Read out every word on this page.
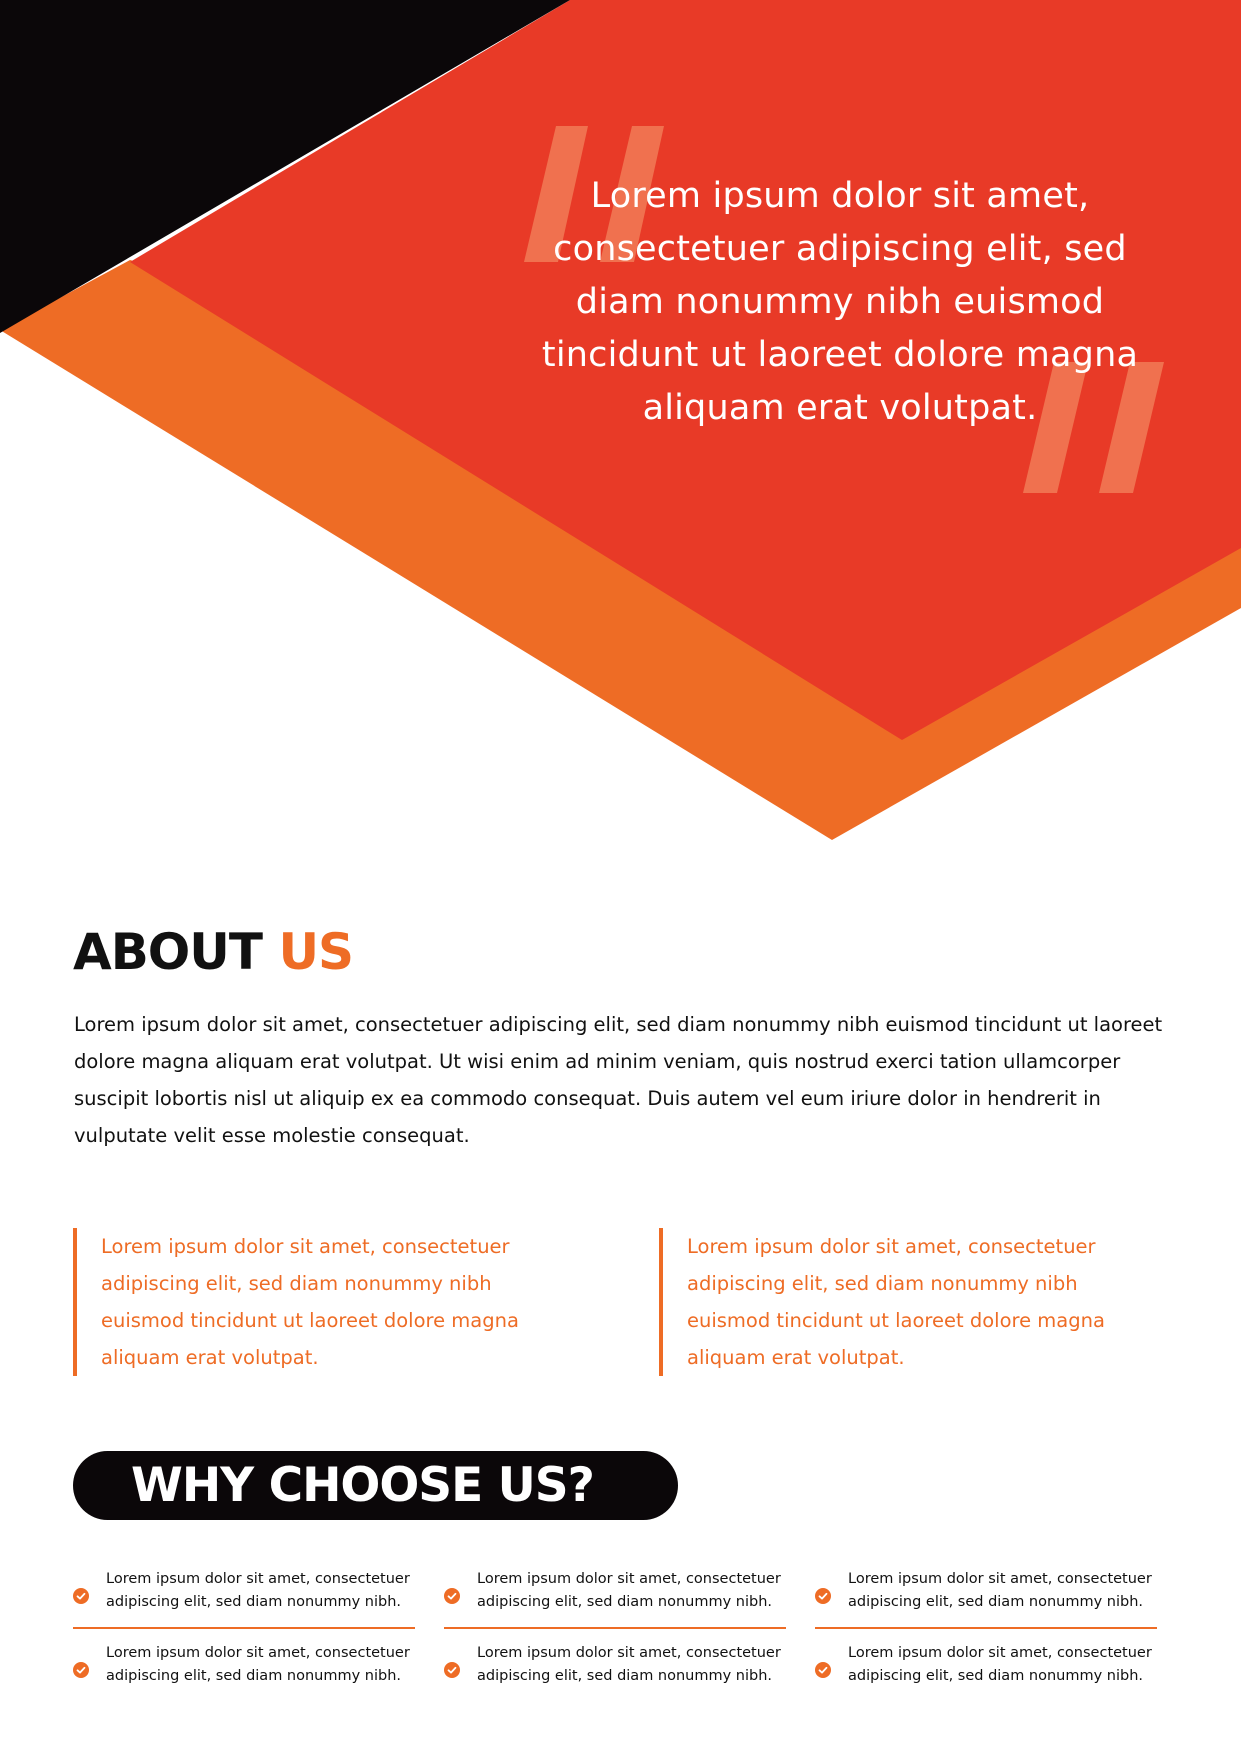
Lorem ipsum dolor sit amet,
consectetuer adipiscing elit, sed
diam nonummy nibh euismod
tincidunt ut laoreet dolore magna
aliquam erat volutpat.
ABOUT US

Lorem ipsum dolor sit amet, consectetuer adipiscing elit, sed diam nonummy nibh euismod tincidunt ut laoreet dolore magna aliquam erat volutpat. Ut wisi enim ad minim veniam, quis nostrud exerci tation ullamcorper suscipit lobortis nisl ut aliquip ex ea commodo consequat. Duis autem vel eum iriure dolor in hendrerit in vulputate velit esse molestie consequat.

Lorem ipsum dolor sit amet, consectetuer adipiscing elit, sed diam nonummy nibh euismod tincidunt ut laoreet dolore magna aliquam erat volutpat.
Lorem ipsum dolor sit amet, consectetuer adipiscing elit, sed diam nonummy nibh euismod tincidunt ut laoreet dolore magna aliquam erat volutpat.
WHY CHOOSE US?
Lorem ipsum dolor sit amet, consectetuer adipiscing elit, sed diam nonummy nibh.
Lorem ipsum dolor sit amet, consectetuer adipiscing elit, sed diam nonummy nibh.
Lorem ipsum dolor sit amet, consectetuer adipiscing elit, sed diam nonummy nibh.
Lorem ipsum dolor sit amet, consectetuer adipiscing elit, sed diam nonummy nibh.
Lorem ipsum dolor sit amet, consectetuer adipiscing elit, sed diam nonummy nibh.
Lorem ipsum dolor sit amet, consectetuer adipiscing elit, sed diam nonummy nibh.
